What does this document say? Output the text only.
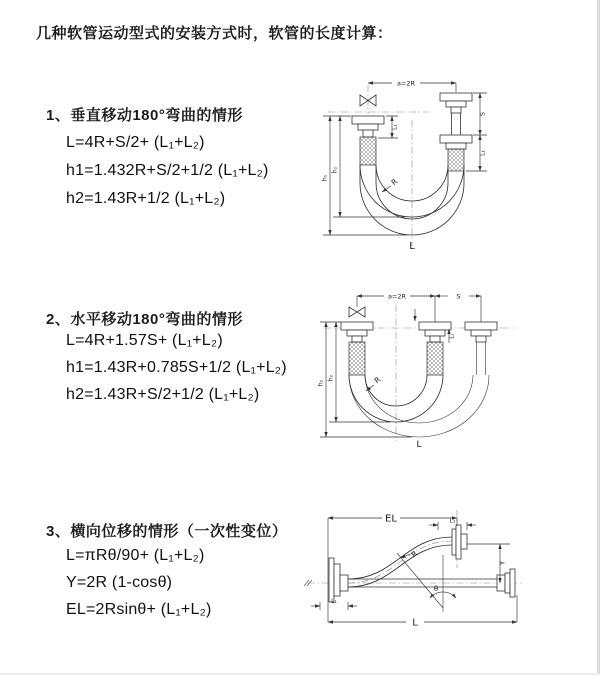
几种软管运动型式的安装方式时，软管的长度计算：
1、垂直移动180°弯曲的情形
L=4R+S/2+ (L₁+L₂)
h1=1.432R+S/2+1/2 (L₁+L₂)
h2=1.43R+1/2 (L₁+L₂)
2、水平移动180°弯曲的情形
L=4R+1.57S+ (L₁+L₂)
h1=1.43R+0.785S+1/2 (L₁+L₂)
h2=1.43R+S/2+1/2 (L₁+L₂)
3、横向位移的情形（一次性变位）
L=πRθ/90+ (L₁+L₂)
Y=2R (1-cosθ)
EL=2Rsinθ+ (L₁+L₂)
a=2R
S
L₁
L₁
h₁
h₂
R
L
a=2R	S
L₁
h₁
h₂	R
L
EL	L₁
Y
L
L₁
R
θ
